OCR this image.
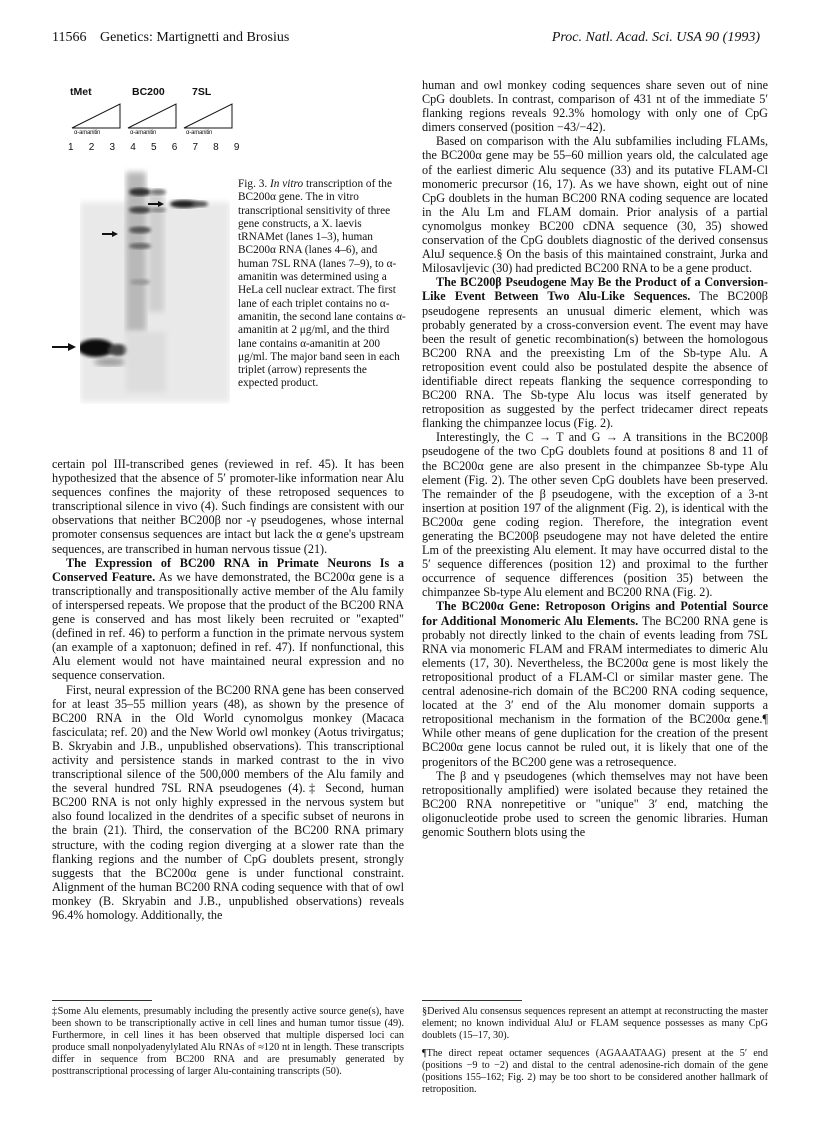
11566 Genetics: Martignetti and Brosius	Proc. Natl. Acad. Sci. USA 90 (1993)
tMet	BC200	7SL
α-amanitin	α-amanitin	α-amanitin
1 2 3 4 5 6 7 8 9

Fig. 3. In vitro transcription of the BC200α gene. The in vitro transcriptional sensitivity of three gene constructs, a X. laevis tRNAMet (lanes 1–3), human BC200α RNA (lanes 4–6), and human 7SL RNA (lanes 7–9), to α-amanitin was determined using a HeLa cell nuclear extract. The first lane of each triplet contains no α-amanitin, the second lane contains α-amanitin at 2 μg/ml, and the third lane contains α-amanitin at 200 μg/ml. The major band seen in each triplet (arrow) represents the expected product.

certain pol III-transcribed genes (reviewed in ref. 45). It has been hypothesized that the absence of 5′ promoter-like information near Alu sequences confines the majority of these retroposed sequences to transcriptional silence in vivo (4). Such findings are consistent with our observations that neither BC200β nor -γ pseudogenes, whose internal promoter consensus sequences are intact but lack the α gene's upstream sequences, are transcribed in human nervous tissue (21).

The Expression of BC200 RNA in Primate Neurons Is a Conserved Feature. As we have demonstrated, the BC200α gene is a transcriptionally and transpositionally active member of the Alu family of interspersed repeats. We propose that the product of the BC200 RNA gene is conserved and has most likely been recruited or "exapted" (defined in ref. 46) to perform a function in the primate nervous system (an example of a xaptonuon; defined in ref. 47). If nonfunctional, this Alu element would not have maintained neural expression and no sequence conservation.

First, neural expression of the BC200 RNA gene has been conserved for at least 35–55 million years (48), as shown by the presence of BC200 RNA in the Old World cynomolgus monkey (Macaca fasciculata; ref. 20) and the New World owl monkey (Aotus trivirgatus; B. Skryabin and J.B., unpublished observations). This transcriptional activity and persistence stands in marked contrast to the in vivo transcriptional silence of the 500,000 members of the Alu family and the several hundred 7SL RNA pseudogenes (4).‡ Second, human BC200 RNA is not only highly expressed in the nervous system but also found localized in the dendrites of a specific subset of neurons in the brain (21). Third, the conservation of the BC200 RNA primary structure, with the coding region diverging at a slower rate than the flanking regions and the number of CpG doublets present, strongly suggests that the BC200α gene is under functional constraint. Alignment of the human BC200 RNA coding sequence with that of owl monkey (B. Skryabin and J.B., unpublished observations) reveals 96.4% homology. Additionally, the

human and owl monkey coding sequences share seven out of nine CpG doublets. In contrast, comparison of 431 nt of the immediate 5′ flanking regions reveals 92.3% homology with only one of CpG dimers conserved (position −43/−42).

Based on comparison with the Alu subfamilies including FLAMs, the BC200α gene may be 55–60 million years old, the calculated age of the earliest dimeric Alu sequence (33) and its putative FLAM-Cl monomeric precursor (16, 17). As we have shown, eight out of nine CpG doublets in the human BC200 RNA coding sequence are located in the Alu Lm and FLAM domain. Prior analysis of a partial cynomolgus monkey BC200 cDNA sequence (30, 35) showed conservation of the CpG doublets diagnostic of the derived consensus AluJ sequence.§ On the basis of this maintained constraint, Jurka and Milosavljevic (30) had predicted BC200 RNA to be a gene product.

The BC200β Pseudogene May Be the Product of a Conversion-Like Event Between Two Alu-Like Sequences. The BC200β pseudogene represents an unusual dimeric element, which was probably generated by a cross-conversion event. The event may have been the result of genetic recombination(s) between the homologous BC200 RNA and the preexisting Lm of the Sb-type Alu. A retroposition event could also be postulated despite the absence of identifiable direct repeats flanking the sequence corresponding to BC200 RNA. The Sb-type Alu locus was itself generated by retroposition as suggested by the perfect tridecamer direct repeats flanking the chimpanzee locus (Fig. 2).

Interestingly, the C → T and G → A transitions in the BC200β pseudogene of the two CpG doublets found at positions 8 and 11 of the BC200α gene are also present in the chimpanzee Sb-type Alu element (Fig. 2). The other seven CpG doublets have been preserved. The remainder of the β pseudogene, with the exception of a 3-nt insertion at position 197 of the alignment (Fig. 2), is identical with the BC200α gene coding region. Therefore, the integration event generating the BC200β pseudogene may not have deleted the entire Lm of the preexisting Alu element. It may have occurred distal to the 5′ sequence differences (position 12) and proximal to the further occurrence of sequence differences (position 35) between the chimpanzee Sb-type Alu element and BC200 RNA (Fig. 2).

The BC200α Gene: Retroposon Origins and Potential Source for Additional Monomeric Alu Elements. The BC200 RNA gene is probably not directly linked to the chain of events leading from 7SL RNA via monomeric FLAM and FRAM intermediates to dimeric Alu elements (17, 30). Nevertheless, the BC200α gene is most likely the retropositional product of a FLAM-Cl or similar master gene. The central adenosine-rich domain of the BC200 RNA coding sequence, located at the 3′ end of the Alu monomer domain supports a retropositional mechanism in the formation of the BC200α gene.¶ While other means of gene duplication for the creation of the present BC200α gene locus cannot be ruled out, it is likely that one of the progenitors of the BC200 gene was a retrosequence.

The β and γ pseudogenes (which themselves may not have been retropositionally amplified) were isolated because they retained the BC200 RNA nonrepetitive or "unique" 3′ end, matching the oligonucleotide probe used to screen the genomic libraries. Human genomic Southern blots using the

‡Some Alu elements, presumably including the presently active source gene(s), have been shown to be transcriptionally active in cell lines and human tumor tissue (49). Furthermore, in cell lines it has been observed that multiple dispersed loci can produce small nonpolyadenylylated Alu RNAs of ≈120 nt in length. These transcripts differ in sequence from BC200 RNA and are presumably generated by posttranscriptional processing of larger Alu-containing transcripts (50).

§Derived Alu consensus sequences represent an attempt at reconstructing the master element; no known individual AluJ or FLAM sequence possesses as many CpG doublets (15–17, 30).

¶The direct repeat octamer sequences (AGAAATAAG) present at the 5′ end (positions −9 to −2) and distal to the central adenosine-rich domain of the gene (positions 155–162; Fig. 2) may be too short to be considered another hallmark of retroposition.
